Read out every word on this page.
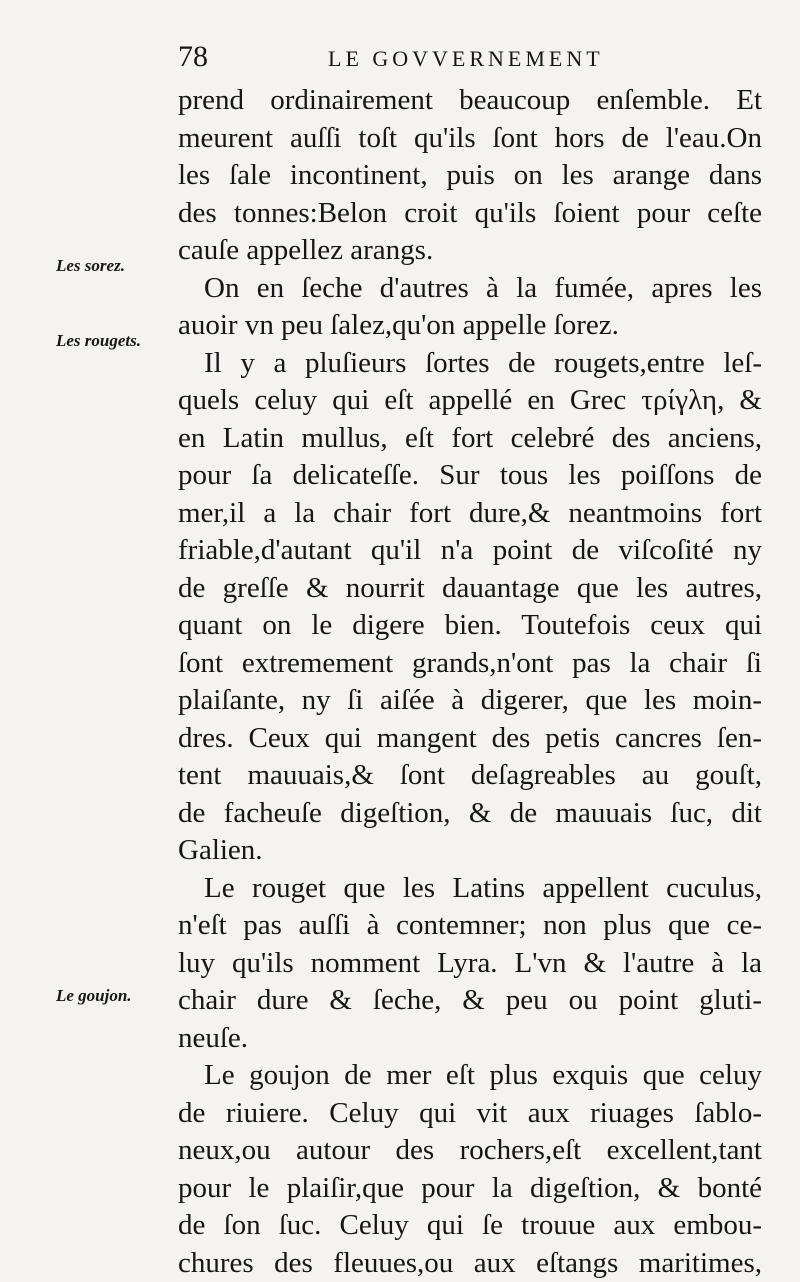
78	LE GOVVERNEMENT
Les sorez.
Les rougets.
Le goujon.
prend ordinairement beaucoup enſemble. Et
meurent auſſi toſt qu'ils ſont hors de l'eau.On
les ſale incontinent, puis on les arange dans
des tonnes:Belon croit qu'ils ſoient pour ceſte
cauſe appellez arangs.
On en ſeche d'autres à la fumée, apres les
auoir vn peu ſalez,qu'on appelle ſorez.
Il y a pluſieurs ſortes de rougets,entre leſ-
quels celuy qui eſt appellé en Grec τρίγλη, &
en Latin mullus, eſt fort celebré des anciens,
pour ſa delicateſſe. Sur tous les poiſſons de
mer,il a la chair fort dure,& neantmoins fort
friable,d'autant qu'il n'a point de viſcoſité ny
de greſſe & nourrit dauantage que les autres,
quant on le digere bien. Toutefois ceux qui
ſont extremement grands,n'ont pas la chair ſi
plaiſante, ny ſi aiſée à digerer, que les moin-
dres. Ceux qui mangent des petis cancres ſen-
tent mauuais,& ſont deſagreables au gouſt,
de facheuſe digeſtion, & de mauuais ſuc, dit
Galien.
Le rouget que les Latins appellent cuculus,
n'eſt pas auſſi à contemner; non plus que ce-
luy qu'ils nomment Lyra. L'vn & l'autre à la
chair dure & ſeche, & peu ou point gluti-
neuſe.
Le goujon de mer eſt plus exquis que celuy
de riuiere. Celuy qui vit aux riuages ſablo-
neux,ou autour des rochers,eſt excellent,tant
pour le plaiſir,que pour la digeſtion, & bonté
de ſon ſuc. Celuy qui ſe trouue aux embou-
chures des fleuues,ou aux eſtangs maritimes,
